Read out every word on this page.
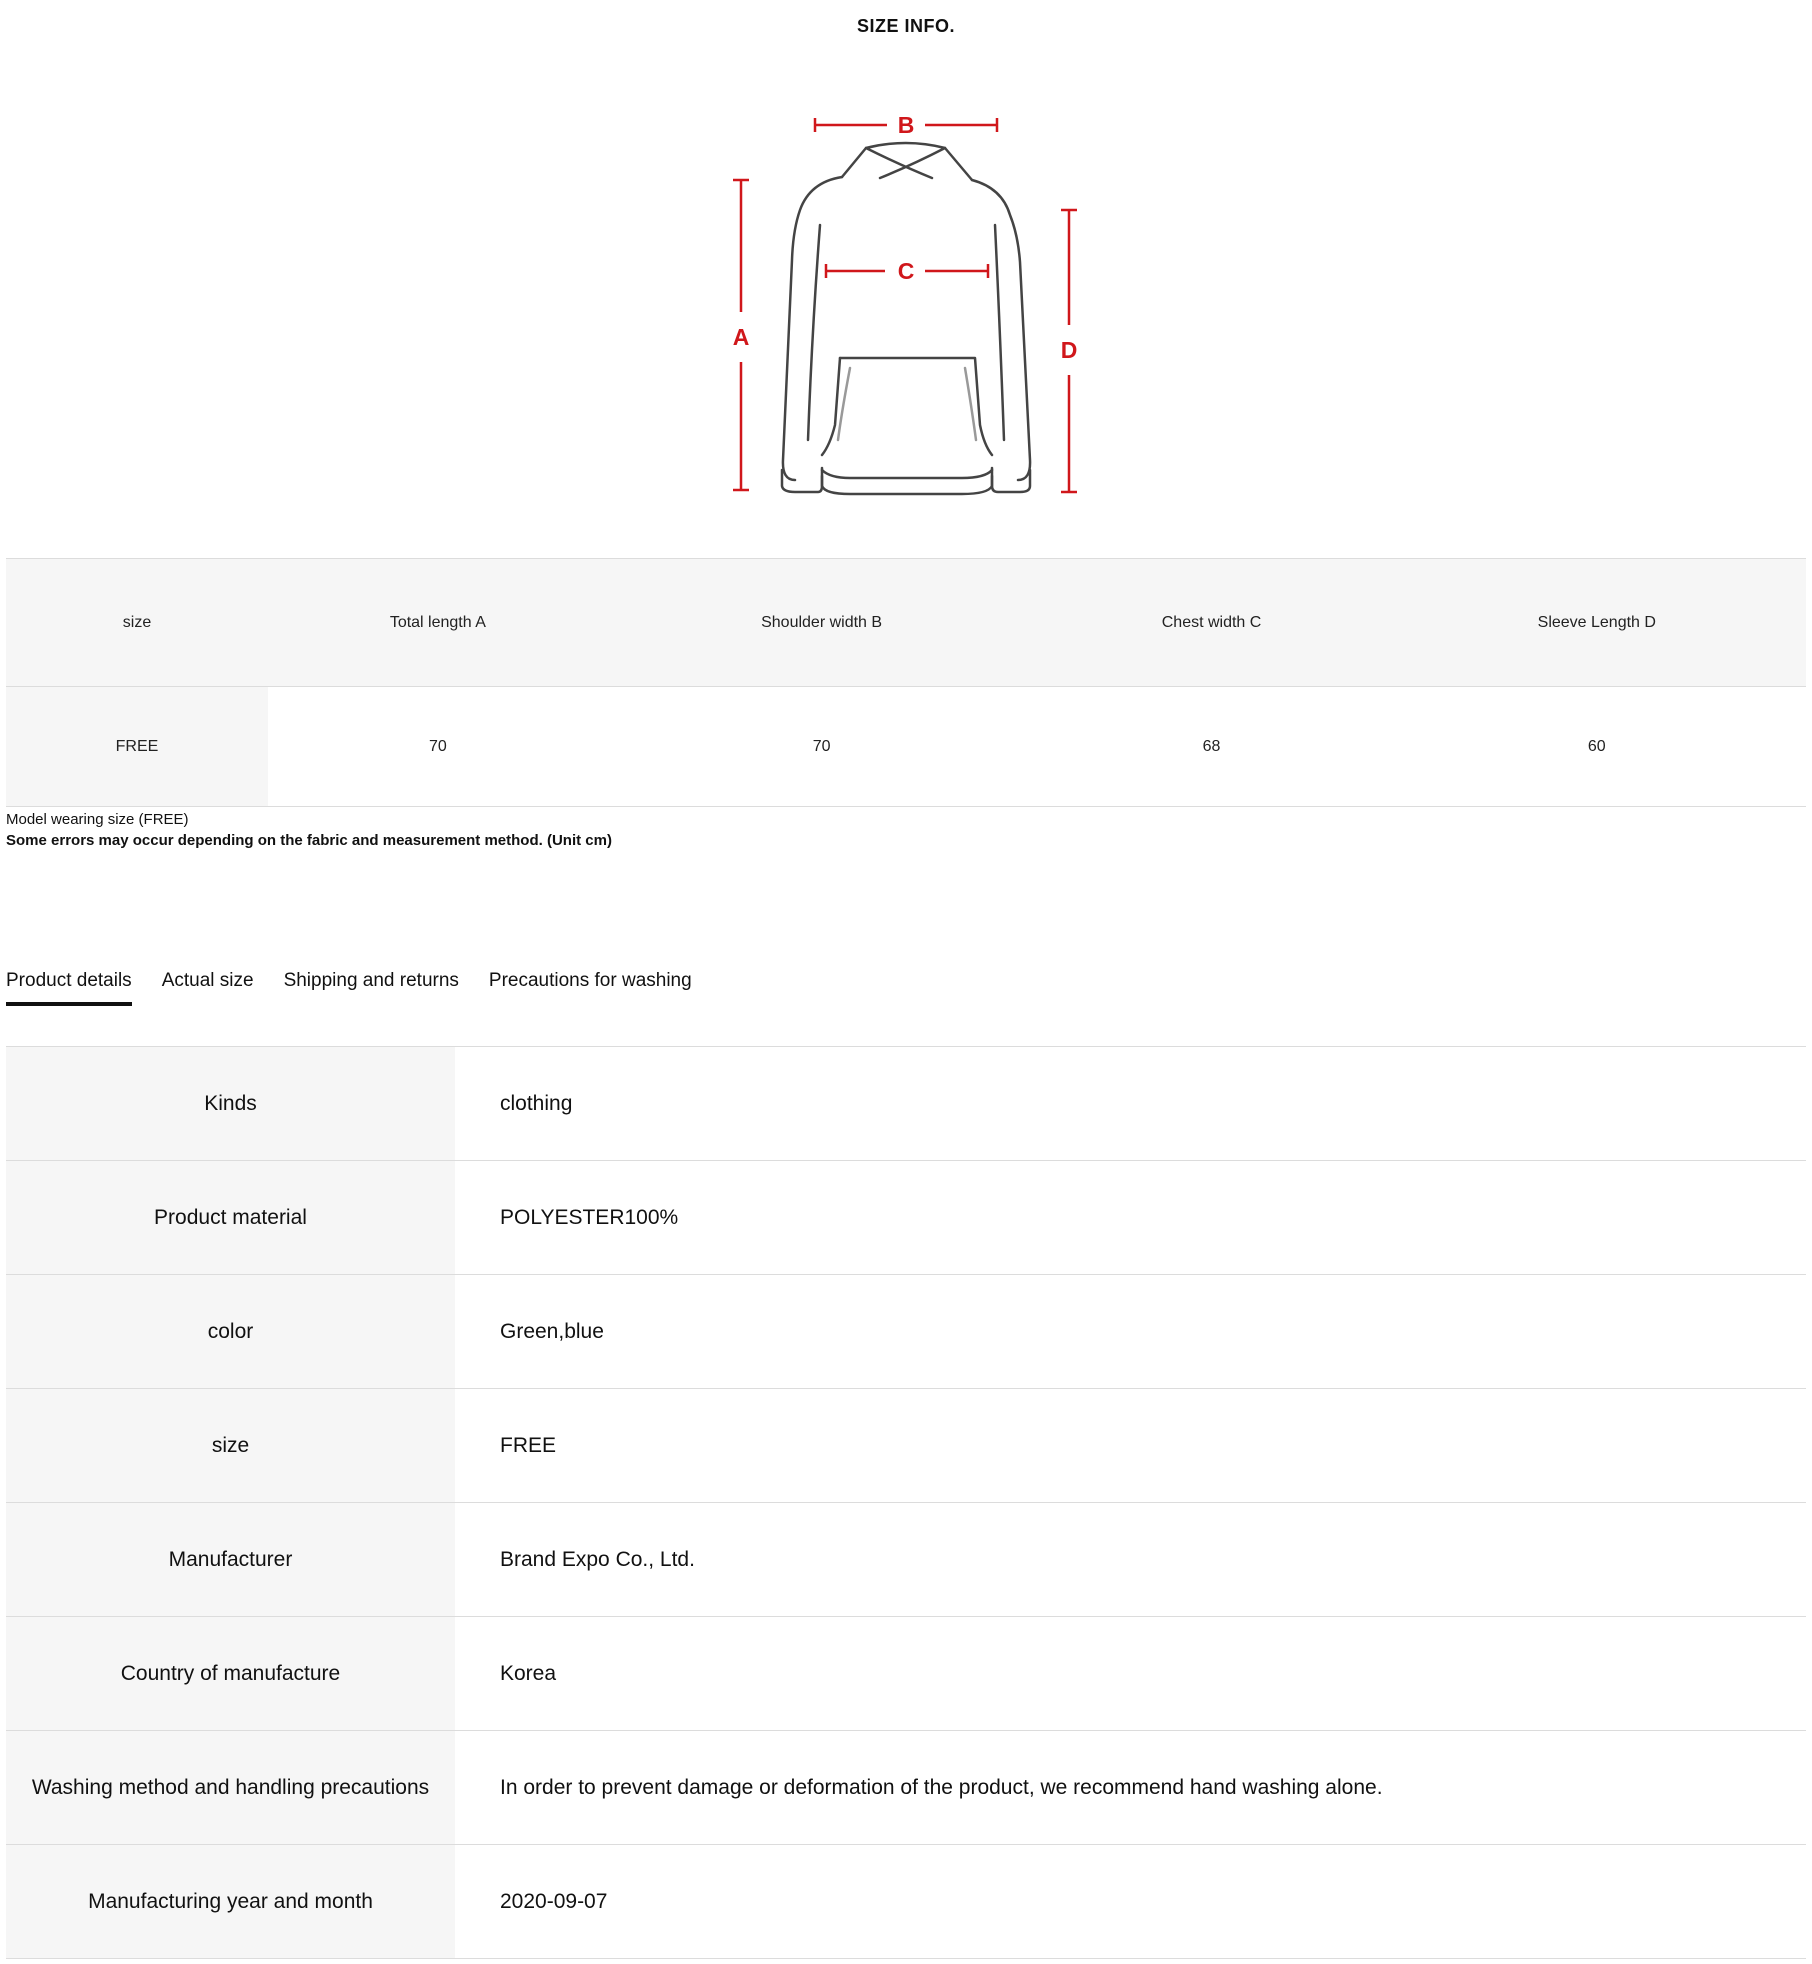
SIZE INFO.
B
C
A	D
size	Total length A	Shoulder width B	Chest width C	Sleeve Length D
FREE	70	70	68	60
Model wearing size (FREE)
Some errors may occur depending on the fabric and measurement method. (Unit cm)
Product details Actual size Shipping and returns Precautions for washing
Kinds	clothing
Product material	POLYESTER100%
color	Green,blue
size	FREE
Manufacturer	Brand Expo Co., Ltd.
Country of manufacture	Korea
Washing method and handling precautions	In order to prevent damage or deformation of the product, we recommend hand washing alone.
Manufacturing year and month	2020-09-07
